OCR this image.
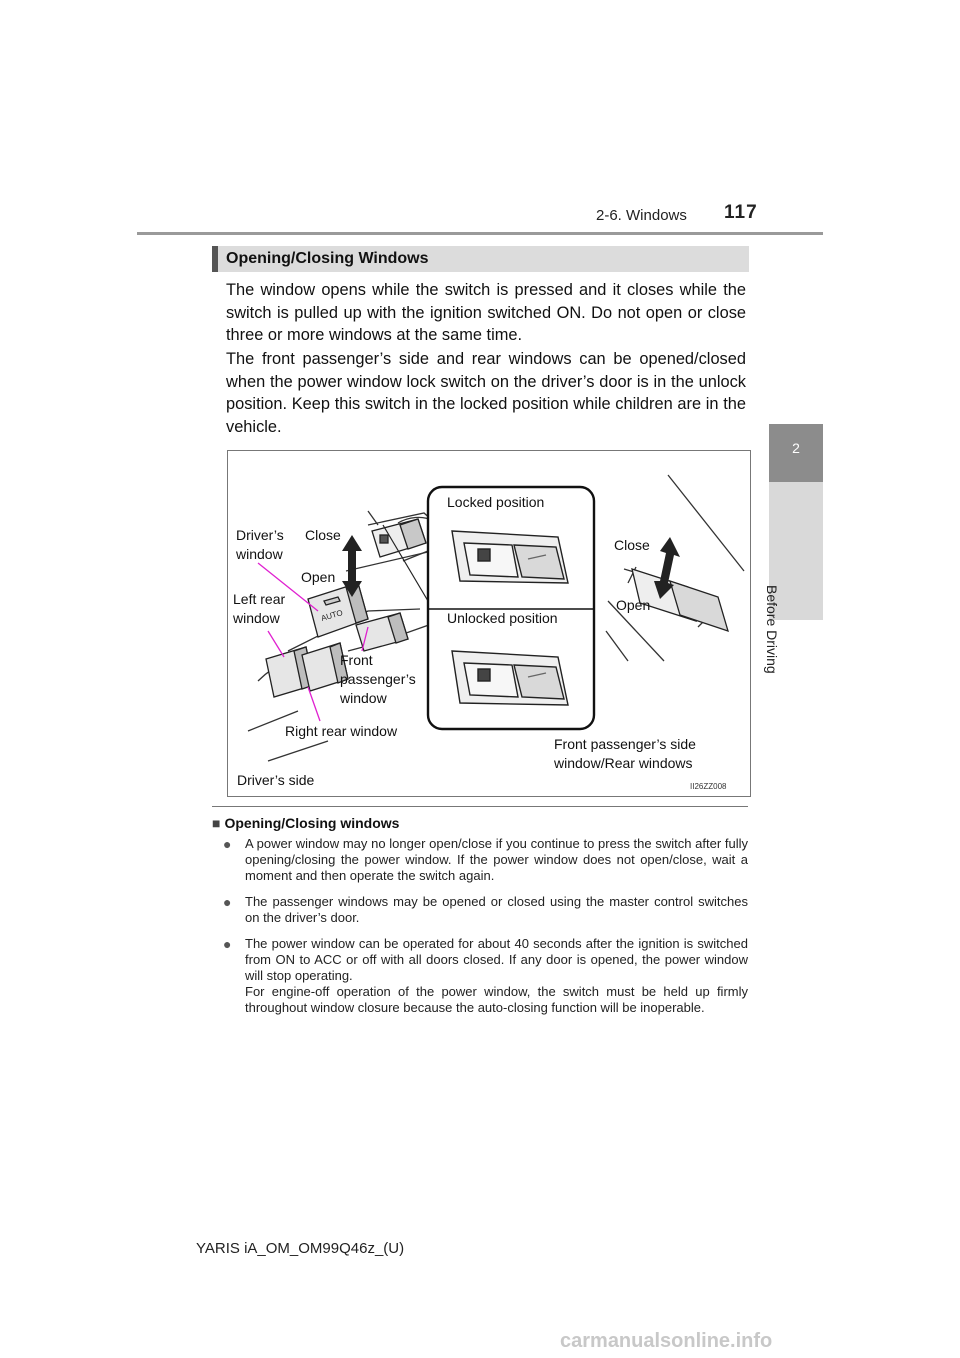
2-6. Windows 117
2
Before Driving
Opening/Closing Windows
The window opens while the switch is pressed and it closes while the switch is pulled up with the ignition switched ON. Do not open or close three or more windows at the same time.
The front passenger’s side and rear windows can be opened/closed when the power window lock switch on the driver’s door is in the unlock position. Keep this switch in the locked position while children are in the vehicle.
AUTO
II26ZZ008
Driver’s
window
Close
Open
Left rear
window
Front
passenger’s
window
Right rear window
Driver’s side
Locked position
Unlocked position
Close
Open
Front passenger’s side
window/Rear windows
■ Opening/Closing windows
●	A power window may no longer open/close if you continue to press the switch after fully opening/closing the power window. If the power window does not open/close, wait a moment and then operate the switch again.
●	The passenger windows may be opened or closed using the master control switches on the driver’s door.
●	The power window can be operated for about 40 seconds after the ignition is switched from ON to ACC or off with all doors closed. If any door is opened, the power window will stop operating.
For engine-off operation of the power window, the switch must be held up firmly throughout window closure because the auto-closing function will be inoperable.
YARIS iA_OM_OM99Q46z_(U)
carmanualsonline.info
